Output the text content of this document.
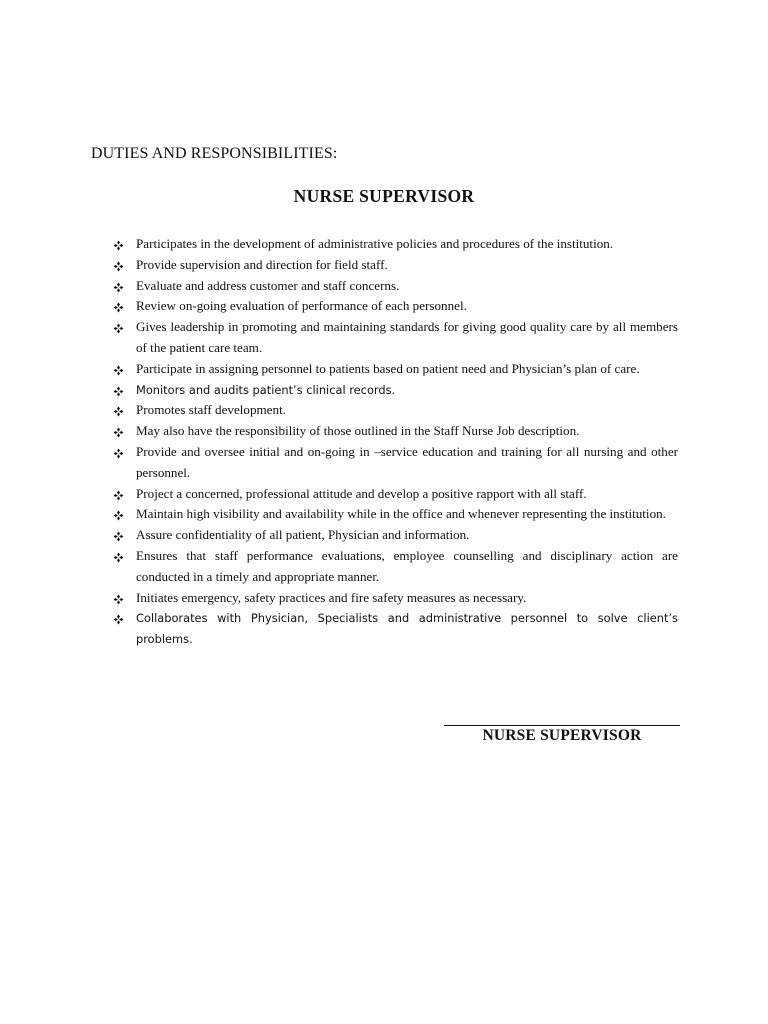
DUTIES AND RESPONSIBILITIES:
NURSE SUPERVISOR
Participates in the development of administrative policies and procedures of the institution.
Provide supervision and direction for field staff.
Evaluate and address customer and staff concerns.
Review on-going evaluation of performance of each personnel.
Gives leadership in promoting and maintaining standards for giving good quality care by all members of the patient care team.
Participate in assigning personnel to patients based on patient need and Physician’s plan of care.
Monitors and audits patient’s clinical records.
Promotes staff development.
May also have the responsibility of those outlined in the Staff Nurse Job description.
Provide and oversee initial and on-going in –service education and training for all nursing and other personnel.
Project a concerned, professional attitude and develop a positive rapport with all staff.
Maintain high visibility and availability while in the office and whenever representing the institution.
Assure confidentiality of all patient, Physician and information.
Ensures that staff performance evaluations, employee counselling and disciplinary action are conducted in a timely and appropriate manner.
Initiates emergency, safety practices and fire safety measures as necessary.
Collaborates with Physician, Specialists and administrative personnel to solve client’s problems.
NURSE SUPERVISOR
